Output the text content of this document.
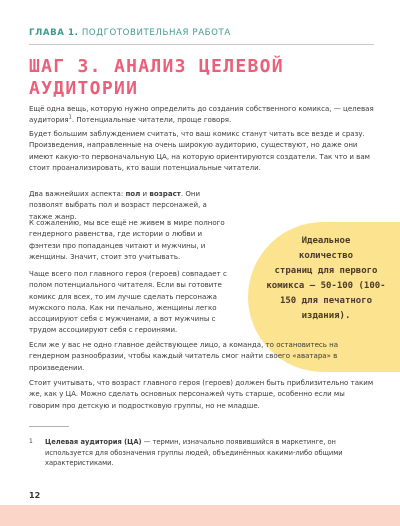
ГЛАВА 1. ПОДГОТОВИТЕЛЬНАЯ РАБОТА
ШАГ 3. АНАЛИЗ ЦЕЛЕВОЙ
АУДИТОРИИ

Ещё одна вещь, которую нужно определить до создания собственного комикса, — целевая аудитория$^1$. Потенциальные читатели, проще говоря.

Будет большим заблуждением считать, что ваш комикс станут читать все везде и сразу. Произведения, направленные на очень широкую аудиторию, существуют, но даже они имеют какую-то первоначальную ЦА, на которую ориентируются создатели. Так что и вам стоит проанализировать, кто ваши потенциальные читатели.

Два важнейших аспекта: пол и возраст. Они позволят выбрать пол и возраст персонажей, а также жанр.

К сожалению, мы все ещё не живем в мире полного гендерного равенства, где истории о любви и фэнтези про попаданцев читают и мужчины, и женщины. Значит, стоит это учитывать.

Чаще всего пол главного героя (героев) совпадает с полом потенциального читателя. Если вы готовите комикс для всех, то им лучше сделать персонажа мужского пола. Как ни печально, женщины легко ассоциируют себя с мужчинами, а вот мужчины с трудом ассоциируют себя с героинями.

Идеальное
количество
страниц для первого
комикса — 50-100 (100-
150 для печатного
издания).

Если же у вас не одно главное действующее лицо, а команда, то остановитесь на гендерном разнообразии, чтобы каждый читатель смог найти своего «аватара» в произведении.

Стоит учитывать, что возраст главного героя (героев) должен быть приблизительно таким же, как у ЦА. Можно сделать основных персонажей чуть старше, особенно если мы говорим про детскую и подростковую группы, но не младше.

1 Целевая аудитория (ЦА) — термин, изначально появившийся в маркетинге, он используется для обозначения группы людей, объединённых какими-либо общими характеристиками.

12
